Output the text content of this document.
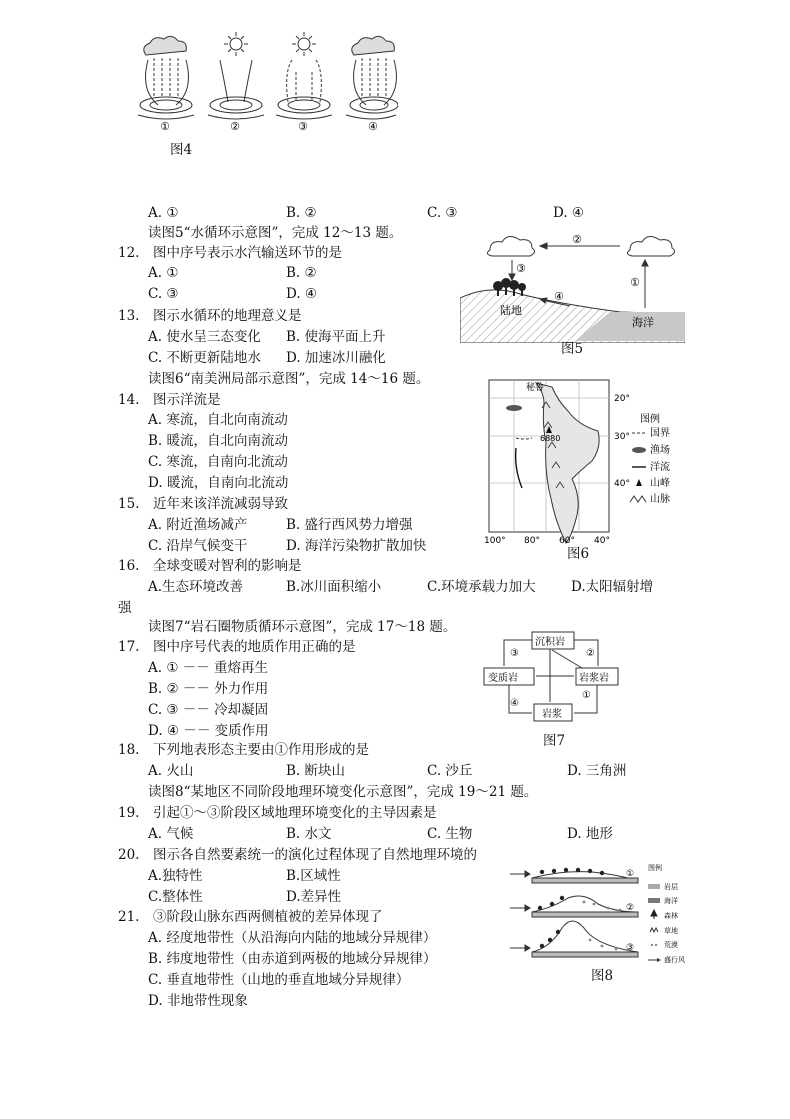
①	②	③	④
图4
A. ①	B. ②	C. ③	D. ④
读图5“水循环示意图”，完成 12～13 题。
12.　图中序号表示水汽输送环节的是
A. ①	B. ②
C. ③	D. ④
13.　图示水循环的地理意义是
A. 使水呈三态变化 B. 使海平面上升
C. 不断更新陆地水 D. 加速冰川融化
②
③
①
④
陆地
海洋
图5
读图6“南美洲局部示意图”，完成 14～16 题。
14.　图示洋流是
A. 寒流，自北向南流动
B. 暖流，自北向南流动
C. 寒流，自南向北流动
D. 暖流，自南向北流动
15.　近年来该洋流减弱导致
A. 附近渔场减产	B. 盛行西风势力增强
C. 沿岸气候变干	D. 海洋污染物扩散加快
秘鲁
6880
20°
30°
40°
100° 80° 60° 40°
图例
国界
渔场
洋流
山峰
山脉
图6
16.　全球变暖对智利的影响是
A.生态环境改善	B.冰川面积缩小	C.环境承载力加大	D.太阳辐射增
强
读图7“岩石圈物质循环示意图”，完成 17～18 题。
17.　图中序号代表的地质作用正确的是
A. ① －－ 重熔再生
B. ② －－ 外力作用
C. ③ －－ 冷却凝固
D. ④ －－ 变质作用
沉积岩
变质岩	岩浆岩
岩浆
③	②
①
④
图7
18.　下列地表形态主要由①作用形成的是
A. 火山	B. 断块山	C. 沙丘	D. 三角洲
读图8“某地区不同阶段地理环境变化示意图”，完成 19～21 题。
19.　引起①～③阶段区域地理环境变化的主导因素是
A. 气候	B. 水文	C. 生物	D. 地形
20.　图示各自然要素统一的演化过程体现了自然地理环境的
A.独特性	B.区域性
C.整体性	D.差异性
21.　③阶段山脉东西两侧植被的差异体现了
A. 经度地带性（从沿海向内陆的地域分异规律）
B. 纬度地带性（由赤道到两极的地域分异规律）
C. 垂直地带性（山地的垂直地域分异规律）
D. 非地带性现象
①
②
③
图例
岩层
海洋
森林
草地
荒漠
盛行风
图8
